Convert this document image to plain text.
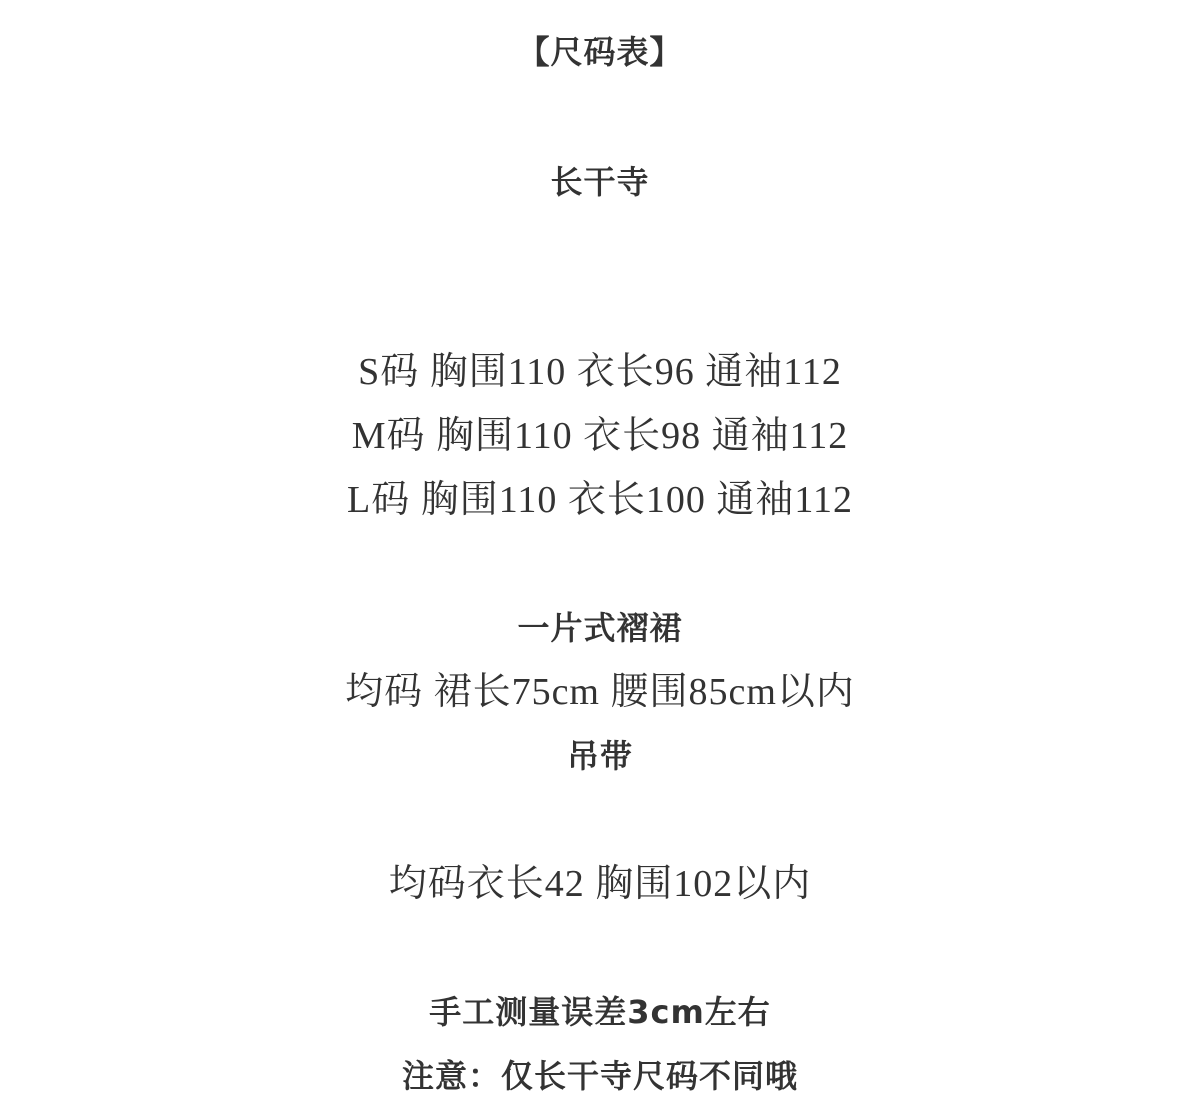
【尺码表】
长干寺
S码 胸围110 衣长96 通袖112
M码 胸围110 衣长98 通袖112
L码 胸围110 衣长100 通袖112
一片式褶裙
均码 裙长75cm 腰围85cm以内
吊带
均码衣长42 胸围102以内
手工测量误差3cm左右
注意：仅长干寺尺码不同哦
